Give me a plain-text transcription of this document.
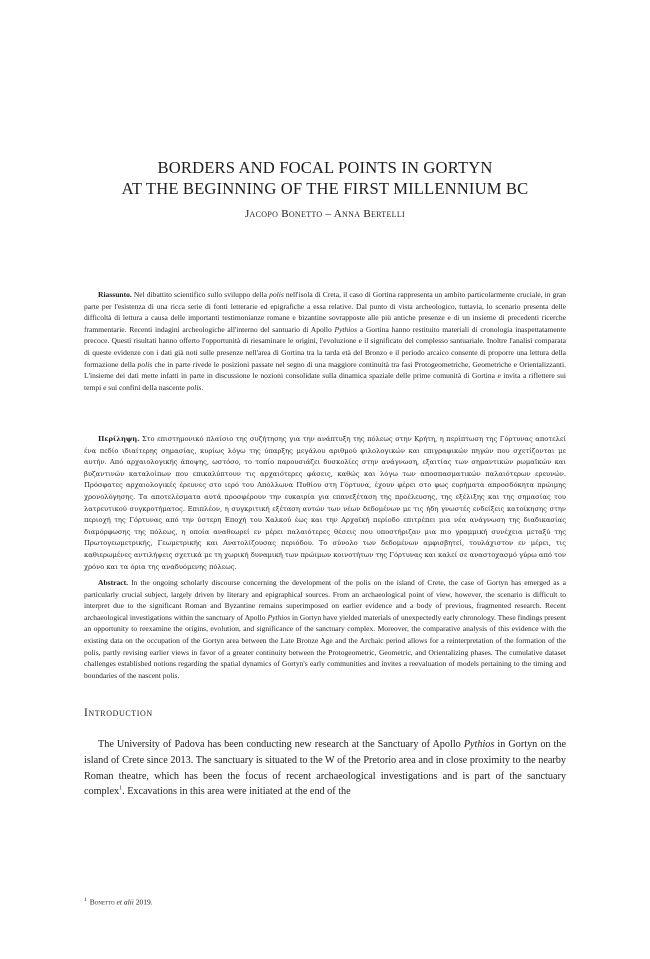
BORDERS AND FOCAL POINTS IN GORTYN
AT THE BEGINNING OF THE FIRST MILLENNIUM BC
Jacopo Bonetto – Anna Bertelli

Riassunto. Nel dibattito scientifico sullo sviluppo della polis nell'isola di Creta, il caso di Gortina rappresenta un ambito particolarmente cruciale, in gran parte per l'esistenza di una ricca serie di fonti letterarie ed epigrafiche a essa relative. Dal punto di vista archeologico, tuttavia, lo scenario presenta delle difficoltà di lettura a causa delle importanti testimonianze romane e bizantine sovrapposte alle più antiche presenze e di un insieme di precedenti ricerche frammentarie. Recenti indagini archeologiche all'interno del santuario di Apollo Pythios a Gortina hanno restituito materiali di cronologia inaspettatamente precoce. Questi risultati hanno offerto l'opportunità di riesaminare le origini, l'evoluzione e il significato del complesso santuariale. Inoltre l'analisi comparata di queste evidenze con i dati già noti sulle presenze nell'area di Gortina tra la tarda età del Bronzo e il periodo arcaico consente di proporre una lettura della formazione della polis che in parte rivede le posizioni passate nel segno di una maggiore continuità tra fasi Protogeometriche, Geometriche e Orientalizzanti. L'insieme dei dati mette infatti in parte in discussione le nozioni consolidate sulla dinamica spaziale delle prime comunità di Gortina e invita a riflettere sui tempi e sui confini della nascente polis.

Περίληψη. Στο επιστημονικό πλαίσιο της συζήτησης για την ανάπτυξη της πόλεως στην Κρήτη, η περίπτωση της Γόρτυνας αποτελεί ένα πεδίο ιδιαίτερης σημασίας, κυρίως λόγω της ύπαρξης μεγάλου αριθμού φιλολογικών και επιγραφικών πηγών που σχετίζονται με αυτήν. Από αρχαιολογικής άποψης, ωστόσο, το τοπίο παρουσιάζει δυσκολίες στην ανάγνωση, εξαιτίας των σημαντικών ρωμαϊκών και βυζαντινών καταλοίπων που επικαλύπτουν τις αρχαιότερες φάσεις, καθώς και λόγω των αποσπασματικών παλαιότερων ερευνών. Πρόσφατες αρχαιολογικές έρευνες στο ιερό του Απόλλωνα Πυθίου στη Γόρτυνα, έχουν φέρει στο φως ευρήματα απροσδόκητα πρώιμης χρονολόγησης. Τα αποτελέσματα αυτά προσφέρουν την ευκαιρία για επανεξέταση της προέλευσης, της εξέλιξης και της σημασίας του λατρευτικού συγκροτήματος. Επιπλέον, η συγκριτική εξέταση αυτών των νέων δεδομένων με τις ήδη γνωστές ενδείξεις κατοίκησης στην περιοχή της Γόρτυνας από την ύστερη Εποχή του Χαλκού έως και την Αρχαϊκή περίοδο επιτρέπει μια νέα ανάγνωση της διαδικασίας διαμόρφωσης της πόλεως, η οποία αναθεωρεί εν μέρει παλαιότερες θέσεις που υποστήριζαν μια πιο γραμμική συνέχεια μεταξύ της Πρωτογεωμετρικής, Γεωμετρικής και Ανατολίζουσας περιόδου. Το σύνολο των δεδομένων αμφισβητεί, τουλάχιστον εν μέρει, τις καθιερωμένες αντιλήψεις σχετικά με τη χωρική δυναμική των πρώιμων κοινοτήτων της Γόρτυνας και καλεί σε αναστοχασμό γύρω από τον χρόνο και τα όρια της αναδυόμενης πόλεως.

Abstract. In the ongoing scholarly discourse concerning the development of the polis on the island of Crete, the case of Gortyn has emerged as a particularly crucial subject, largely driven by literary and epigraphical sources. From an archaeological point of view, however, the scenario is difficult to interpret due to the significant Roman and Byzantine remains superimposed on earlier evidence and a body of previous, fragmented research. Recent archaeological investigations within the sanctuary of Apollo Pythios in Gortyn have yielded materials of unexpectedly early chronology. These findings present an opportunity to reexamine the origins, evolution, and significance of the sanctuary complex. Moreover, the comparative analysis of this evidence with the existing data on the occupation of the Gortyn area between the Late Bronze Age and the Archaic period allows for a reinterpretation of the formation of the polis, partly revising earlier views in favor of a greater continuity between the Protogeometric, Geometric, and Orientalizing phases. The cumulative dataset challenges established notions regarding the spatial dynamics of Gortyn's early communities and invites a reevaluation of models pertaining to the timing and boundaries of the nascent polis.

Introduction

The University of Padova has been conducting new research at the Sanctuary of Apollo Pythios in Gortyn on the island of Crete since 2013. The sanctuary is situated to the W of the Pretorio area and in close proximity to the nearby Roman theatre, which has been the focus of recent archaeological investigations and is part of the sanctuary complex$^1$. Excavations in this area were initiated at the end of the

$^1$ Bonetto et alii 2019.
